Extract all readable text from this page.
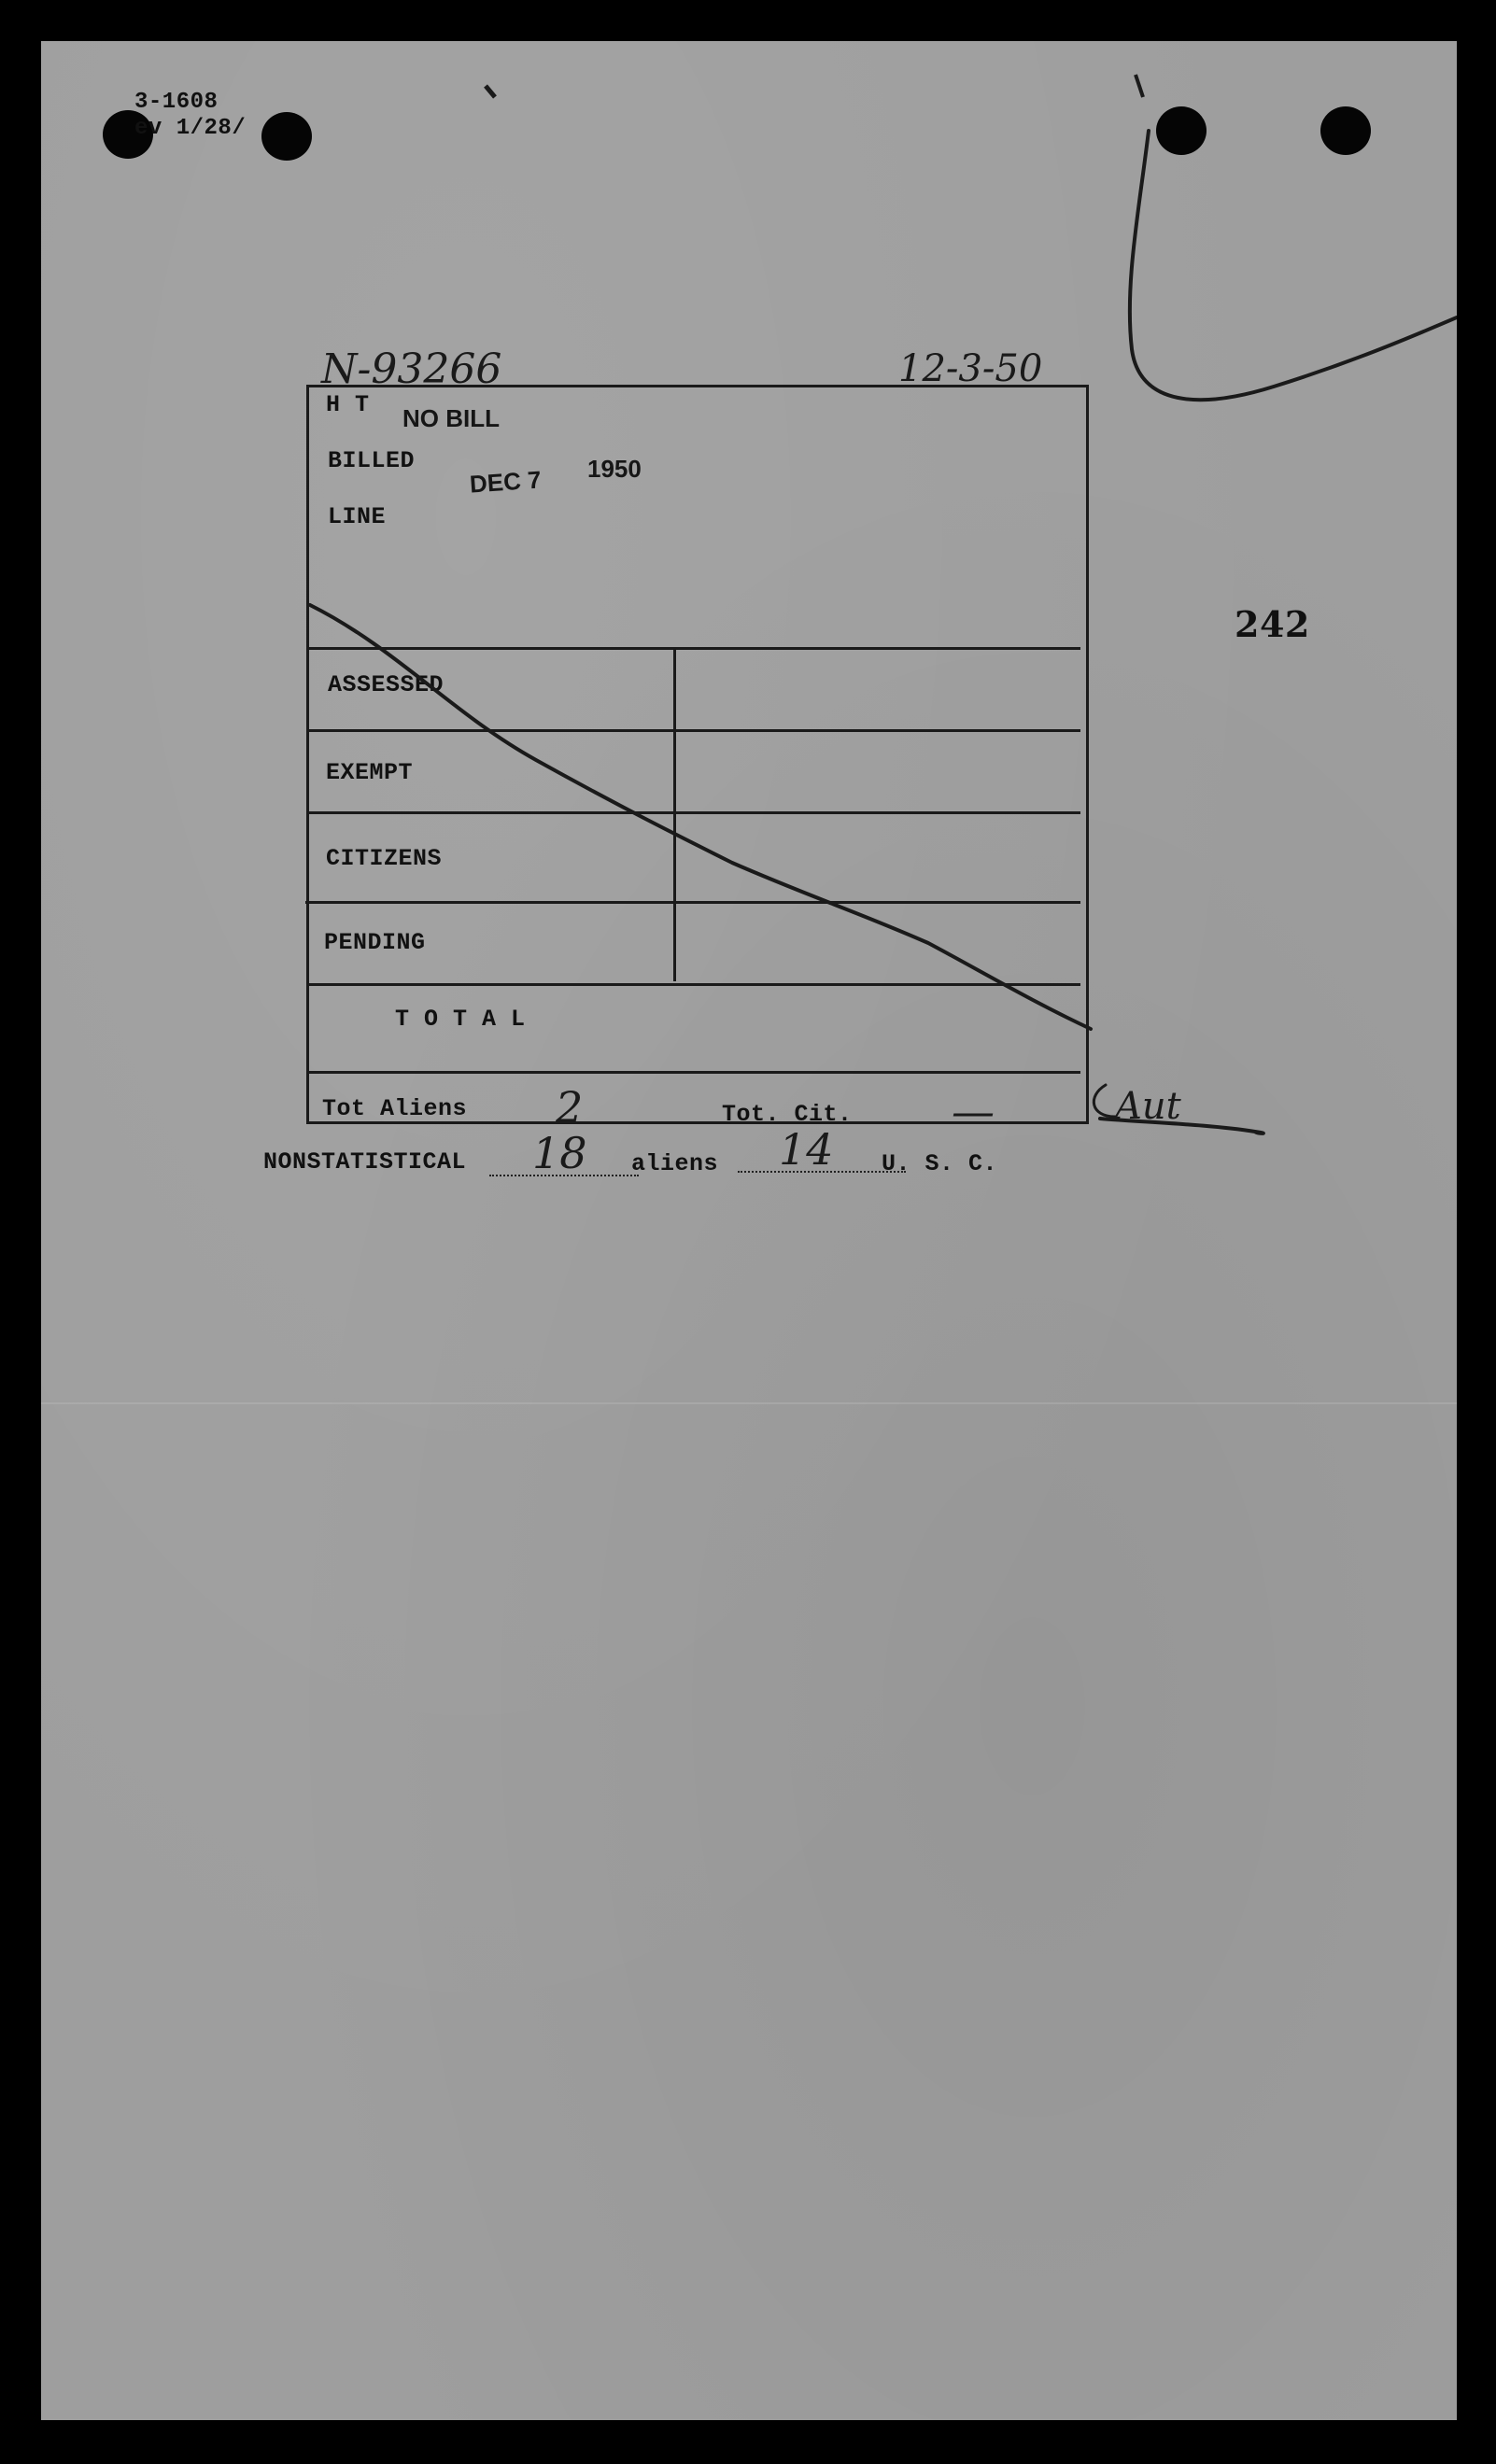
3-1608
ev 1/28/
242
N-93266	12-3-50
H T NO BILL
BILLED
DEC 7 1950
LINE
ASSESSED
EXEMPT
CITIZENS
PENDING
T O T A L
Tot Aliens 2	Tot. Cit. —	Aut
NONSTATISTICAL 18 aliens 14 U. S. C.
